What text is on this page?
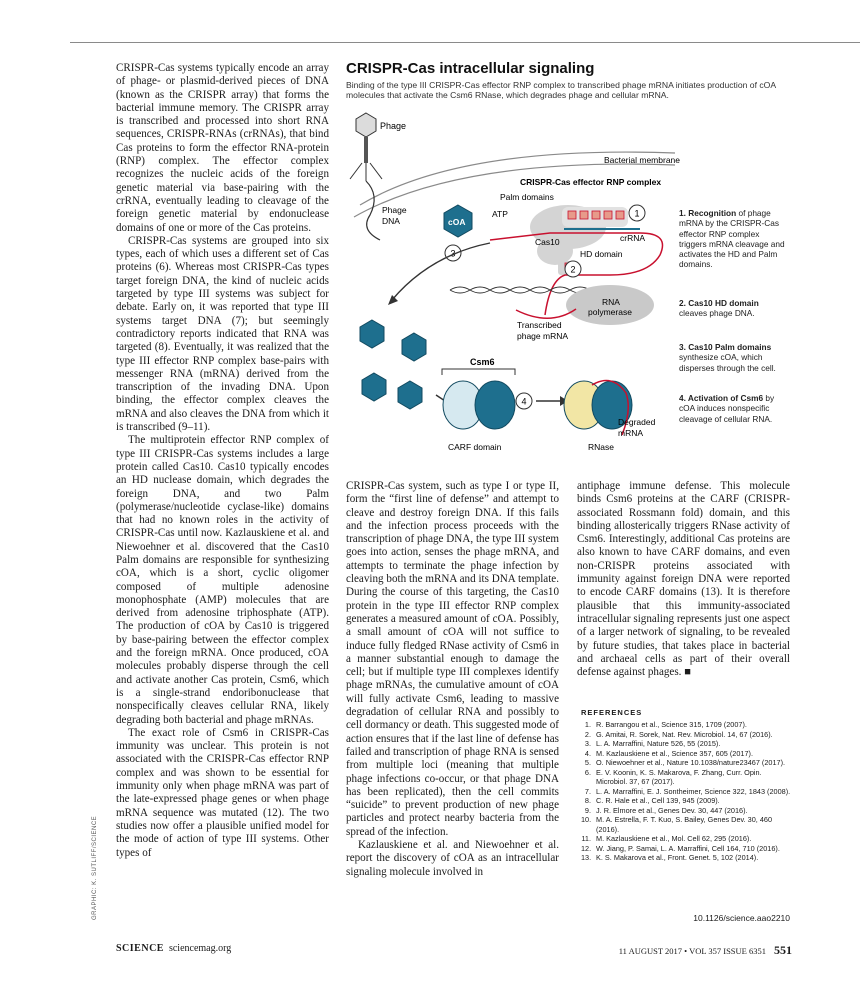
CRISPR-Cas systems typically encode an array of phage- or plasmid-derived pieces of DNA (known as the CRISPR array) that forms the bacterial immune memory. The CRISPR array is transcribed and processed into short RNA sequences, CRISPR-RNAs (crRNAs), that bind Cas proteins to form the effector RNA-protein (RNP) complex. The effector complex recognizes the nucleic acids of the foreign genetic material via base-pairing with the crRNA, eventually leading to cleavage of the foreign genetic material by endonuclease domains of one or more of the Cas proteins.

CRISPR-Cas systems are grouped into six types, each of which uses a different set of Cas proteins (6). Whereas most CRISPR-Cas types target foreign DNA, the kind of nucleic acids targeted by type III systems was subject for debate. Early on, it was reported that type III systems target DNA (7); but seemingly contradictory reports indicated that RNA was targeted (8). Eventually, it was realized that the type III effector RNP complex base-pairs with messenger RNA (mRNA) derived from the transcription of the invading DNA. Upon binding, the effector complex cleaves the mRNA and also cleaves the DNA from which it is transcribed (9–11).

The multiprotein effector RNP complex of type III CRISPR-Cas systems includes a large protein called Cas10. Cas10 typically encodes an HD nuclease domain, which degrades the foreign DNA, and two Palm (polymerase/nucleotide cyclase-like) domains that had no known roles in the activity of CRISPR-Cas until now. Kazlauskiene et al. and Niewoehner et al. discovered that the Cas10 Palm domains are responsible for synthesizing cOA, which is a short, cyclic oligomer composed of multiple adenosine monophosphate (AMP) molecules that are derived from adenosine triphosphate (ATP). The production of cOA by Cas10 is triggered by base-pairing between the effector complex and the foreign mRNA. Once produced, cOA molecules probably disperse through the cell and activate another Cas protein, Csm6, which is a single-strand endoribonuclease that nonspecifically cleaves cellular RNA, likely degrading both bacterial and phage mRNAs.

The exact role of Csm6 in CRISPR-Cas immunity was unclear. This protein is not associated with the CRISPR-Cas effector RNP complex and was shown to be essential for immunity only when phage mRNA was part of the late-expressed phage genes or when phage mRNA sequence was mutated (12). The two studies now offer a plausible unified model for the mode of action of type III systems. Other types of

CRISPR-Cas intracellular signaling
Binding of the type III CRISPR-Cas effector RNP complex to transcribed phage mRNA initiates production of cOA molecules that activate the Csm6 RNase, which degrades phage and cellular mRNA.
Phage
Phage
DNA	cOA
ATP
Palm domains
CRISPR-Cas effector RNP complex
Bacterial membrane
Cas10	crRNA
HD domain
RNA
polymerase
Transcribed
phage mRNA
1
2
3
4
Csm6
CARF domain	RNase
Degraded
mRNA
1. Recognition of phage mRNA by the CRISPR-Cas effector RNP complex triggers mRNA cleavage and activates the HD and Palm domains.
2. Cas10 HD domain cleaves phage DNA.
3. Cas10 Palm domains synthesize cOA, which disperses through the cell.
4. Activation of Csm6 by cOA induces nonspecific cleavage of cellular RNA.

CRISPR-Cas system, such as type I or type II, form the “first line of defense” and attempt to cleave and destroy foreign DNA. If this fails and the infection process proceeds with the transcription of phage DNA, the type III system goes into action, senses the phage mRNA, and attempts to terminate the phage infection by cleaving both the mRNA and its DNA template. During the course of this targeting, the Cas10 protein in the type III effector RNP complex generates a measured amount of cOA. Possibly, a small amount of cOA will not suffice to induce fully fledged RNase activity of Csm6 in a manner substantial enough to damage the cell; but if multiple type III complexes identify phage mRNAs, the cumulative amount of cOA will fully activate Csm6, leading to massive degradation of cellular RNA and possibly to cell dormancy or death. This suggested mode of action ensures that if the last line of defense has failed and transcription of phage RNA is sensed from multiple loci (meaning that multiple phage infections co-occur, or that phage DNA has been replicated), then the cell commits “suicide” to prevent production of new phage particles and protect nearby bacteria from the spread of the infection.

Kazlauskiene et al. and Niewoehner et al. report the discovery of cOA as an intracellular signaling molecule involved in

antiphage immune defense. This molecule binds Csm6 proteins at the CARF (CRISPR-associated Rossmann fold) domain, and this binding allosterically triggers RNase activity of Csm6. Interestingly, additional Cas proteins are also known to have CARF domains, and even non-CRISPR proteins associated with immunity against foreign DNA were reported to encode CARF domains (13). It is therefore plausible that this immunity-associated intracellular signaling represents just one aspect of a larger network of signaling, to be revealed by future studies, that takes place in bacterial and archaeal cells as part of their overall defense against phages. ■

REFERENCES
1. R. Barrangou et al., Science 315, 1709 (2007).
2. G. Amitai, R. Sorek, Nat. Rev. Microbiol. 14, 67 (2016).
3. L. A. Marraffini, Nature 526, 55 (2015).
4. M. Kazlauskiene et al., Science 357, 605 (2017).
5. O. Niewoehner et al., Nature 10.1038/nature23467 (2017).
6. E. V. Koonin, K. S. Makarova, F. Zhang, Curr. Opin. Microbiol. 37, 67 (2017).
7. L. A. Marraffini, E. J. Sontheimer, Science 322, 1843 (2008).
8. C. R. Hale et al., Cell 139, 945 (2009).
9. J. R. Elmore et al., Genes Dev. 30, 447 (2016).
10. M. A. Estrella, F. T. Kuo, S. Bailey, Genes Dev. 30, 460 (2016).
11. M. Kazlauskiene et al., Mol. Cell 62, 295 (2016).
12. W. Jiang, P. Samai, L. A. Marraffini, Cell 164, 710 (2016).
13. K. S. Makarova et al., Front. Genet. 5, 102 (2014).
10.1126/science.aao2210
GRAPHIC: K. SUTLIFF/SCIENCE
SCIENCE sciencemag.org	11 AUGUST 2017 • VOL 357 ISSUE 6351 551
